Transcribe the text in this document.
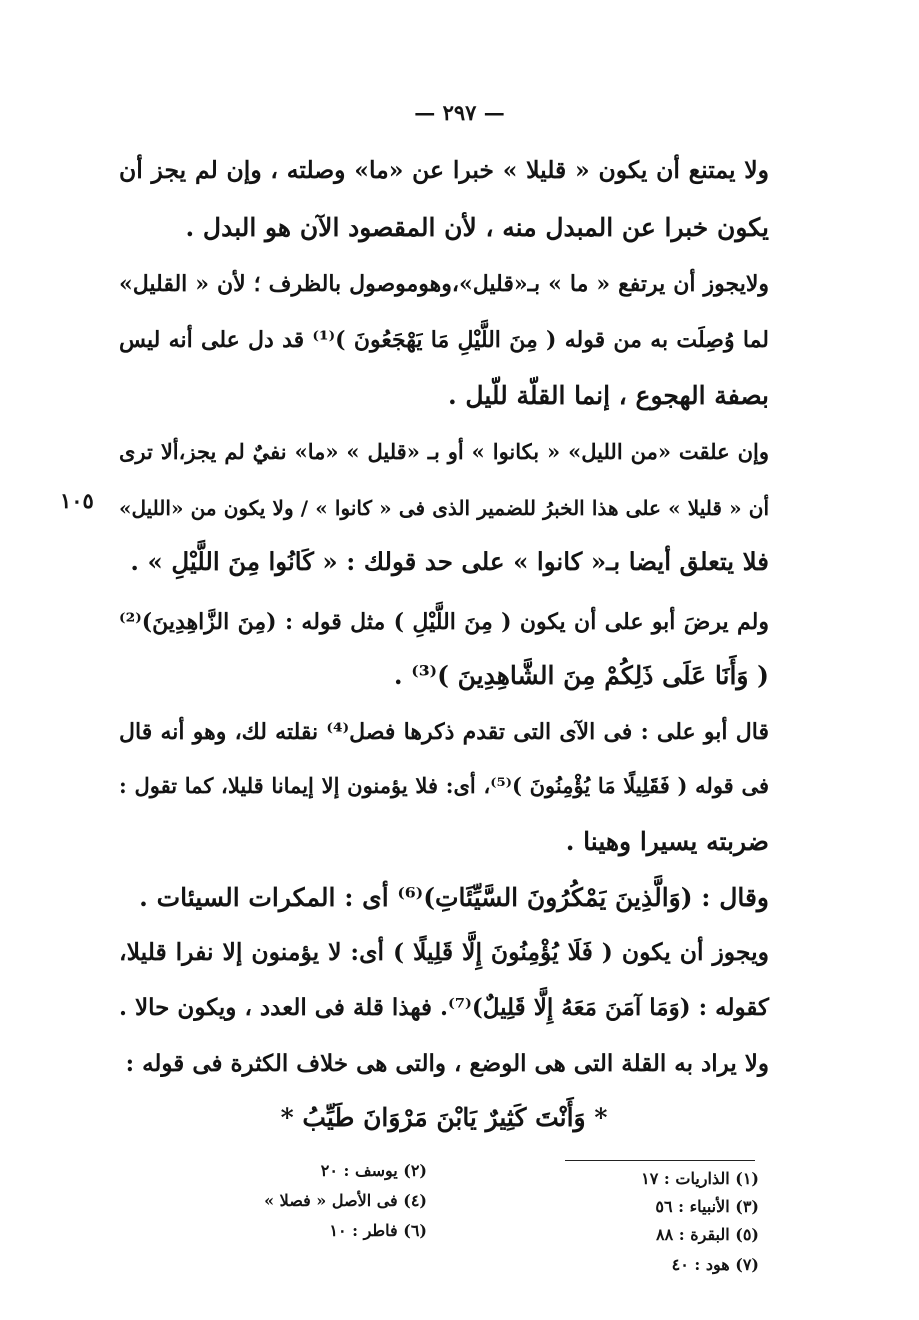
— ٢٩٧ —
ولا يمتنع أن يكون « قليلا » خبرا عن «ما» وصلته ، وإن لم يجز أن
يكون خبرا عن المبدل منه ، لأن المقصود الآن هو البدل .
ولايجوز أن يرتفع « ما » بـ«قليل»،وهوموصول بالظرف ؛ لأن « القليل»
لما وُصِلَت به من قوله ( مِنَ اللَّيْلِ مَا يَهْجَعُونَ )⁽¹⁾ قد دل على أنه ليس
بصفة الهجوع ، إنما القلّة للّيل .
وإن علقت «من الليل» « بكانوا » أو بـ «قليل » «ما» نفيٌ لم يجز،ألا ترى
أن « قليلا » على هذا الخبرُ للضمير الذى فى « كانوا » / ولا يكون من «الليل»
فلا يتعلق أيضا بـ« كانوا » على حد قولك : « كَانُوا مِنَ اللَّيْلِ » .
ولم يرضَ أبو على أن يكون ( مِنَ اللَّيْلِ ) مثل قوله : (مِنَ الزَّاهِدِينَ)⁽²⁾
( وَأَنَا عَلَى ذَلِكُمْ مِنَ الشَّاهِدِينَ )⁽³⁾ .
قال أبو على : فى الآى التى تقدم ذكرها فصل⁽⁴⁾ نقلته لك، وهو أنه قال
فى قوله ( فَقَلِيلًا مَا يُؤْمِنُونَ )⁽⁵⁾، أى: فلا يؤمنون إلا إيمانا قليلا، كما تقول :
ضربته يسيرا وهينا .
وقال : (وَالَّذِينَ يَمْكُرُونَ السَّيِّئَاتِ)⁽⁶⁾ أى : المكرات السيئات .
ويجوز أن يكون ( فَلَا يُؤْمِنُونَ إِلَّا قَلِيلًا ) أى: لا يؤمنون إلا نفرا قليلا،
كقوله : (وَمَا آمَنَ مَعَهُ إِلَّا قَلِيلٌ)⁽⁷⁾. فهذا قلة فى العدد ، ويكون حالا .
ولا يراد به القلة التى هى الوضع ، والتى هى خلاف الكثرة فى قوله :
* وَأَنْتَ كَثِيرٌ يَابْنَ مَرْوَانَ طَيِّبُ *
١٠٥
(١) الذاريات : ١٧
(٣) الأنبياء : ٥٦
(٥) البقرة : ٨٨
(٧) هود : ٤٠
(٢) يوسف : ٢٠
(٤) فى الأصل « فصلا »
(٦) فاطر : ١٠
